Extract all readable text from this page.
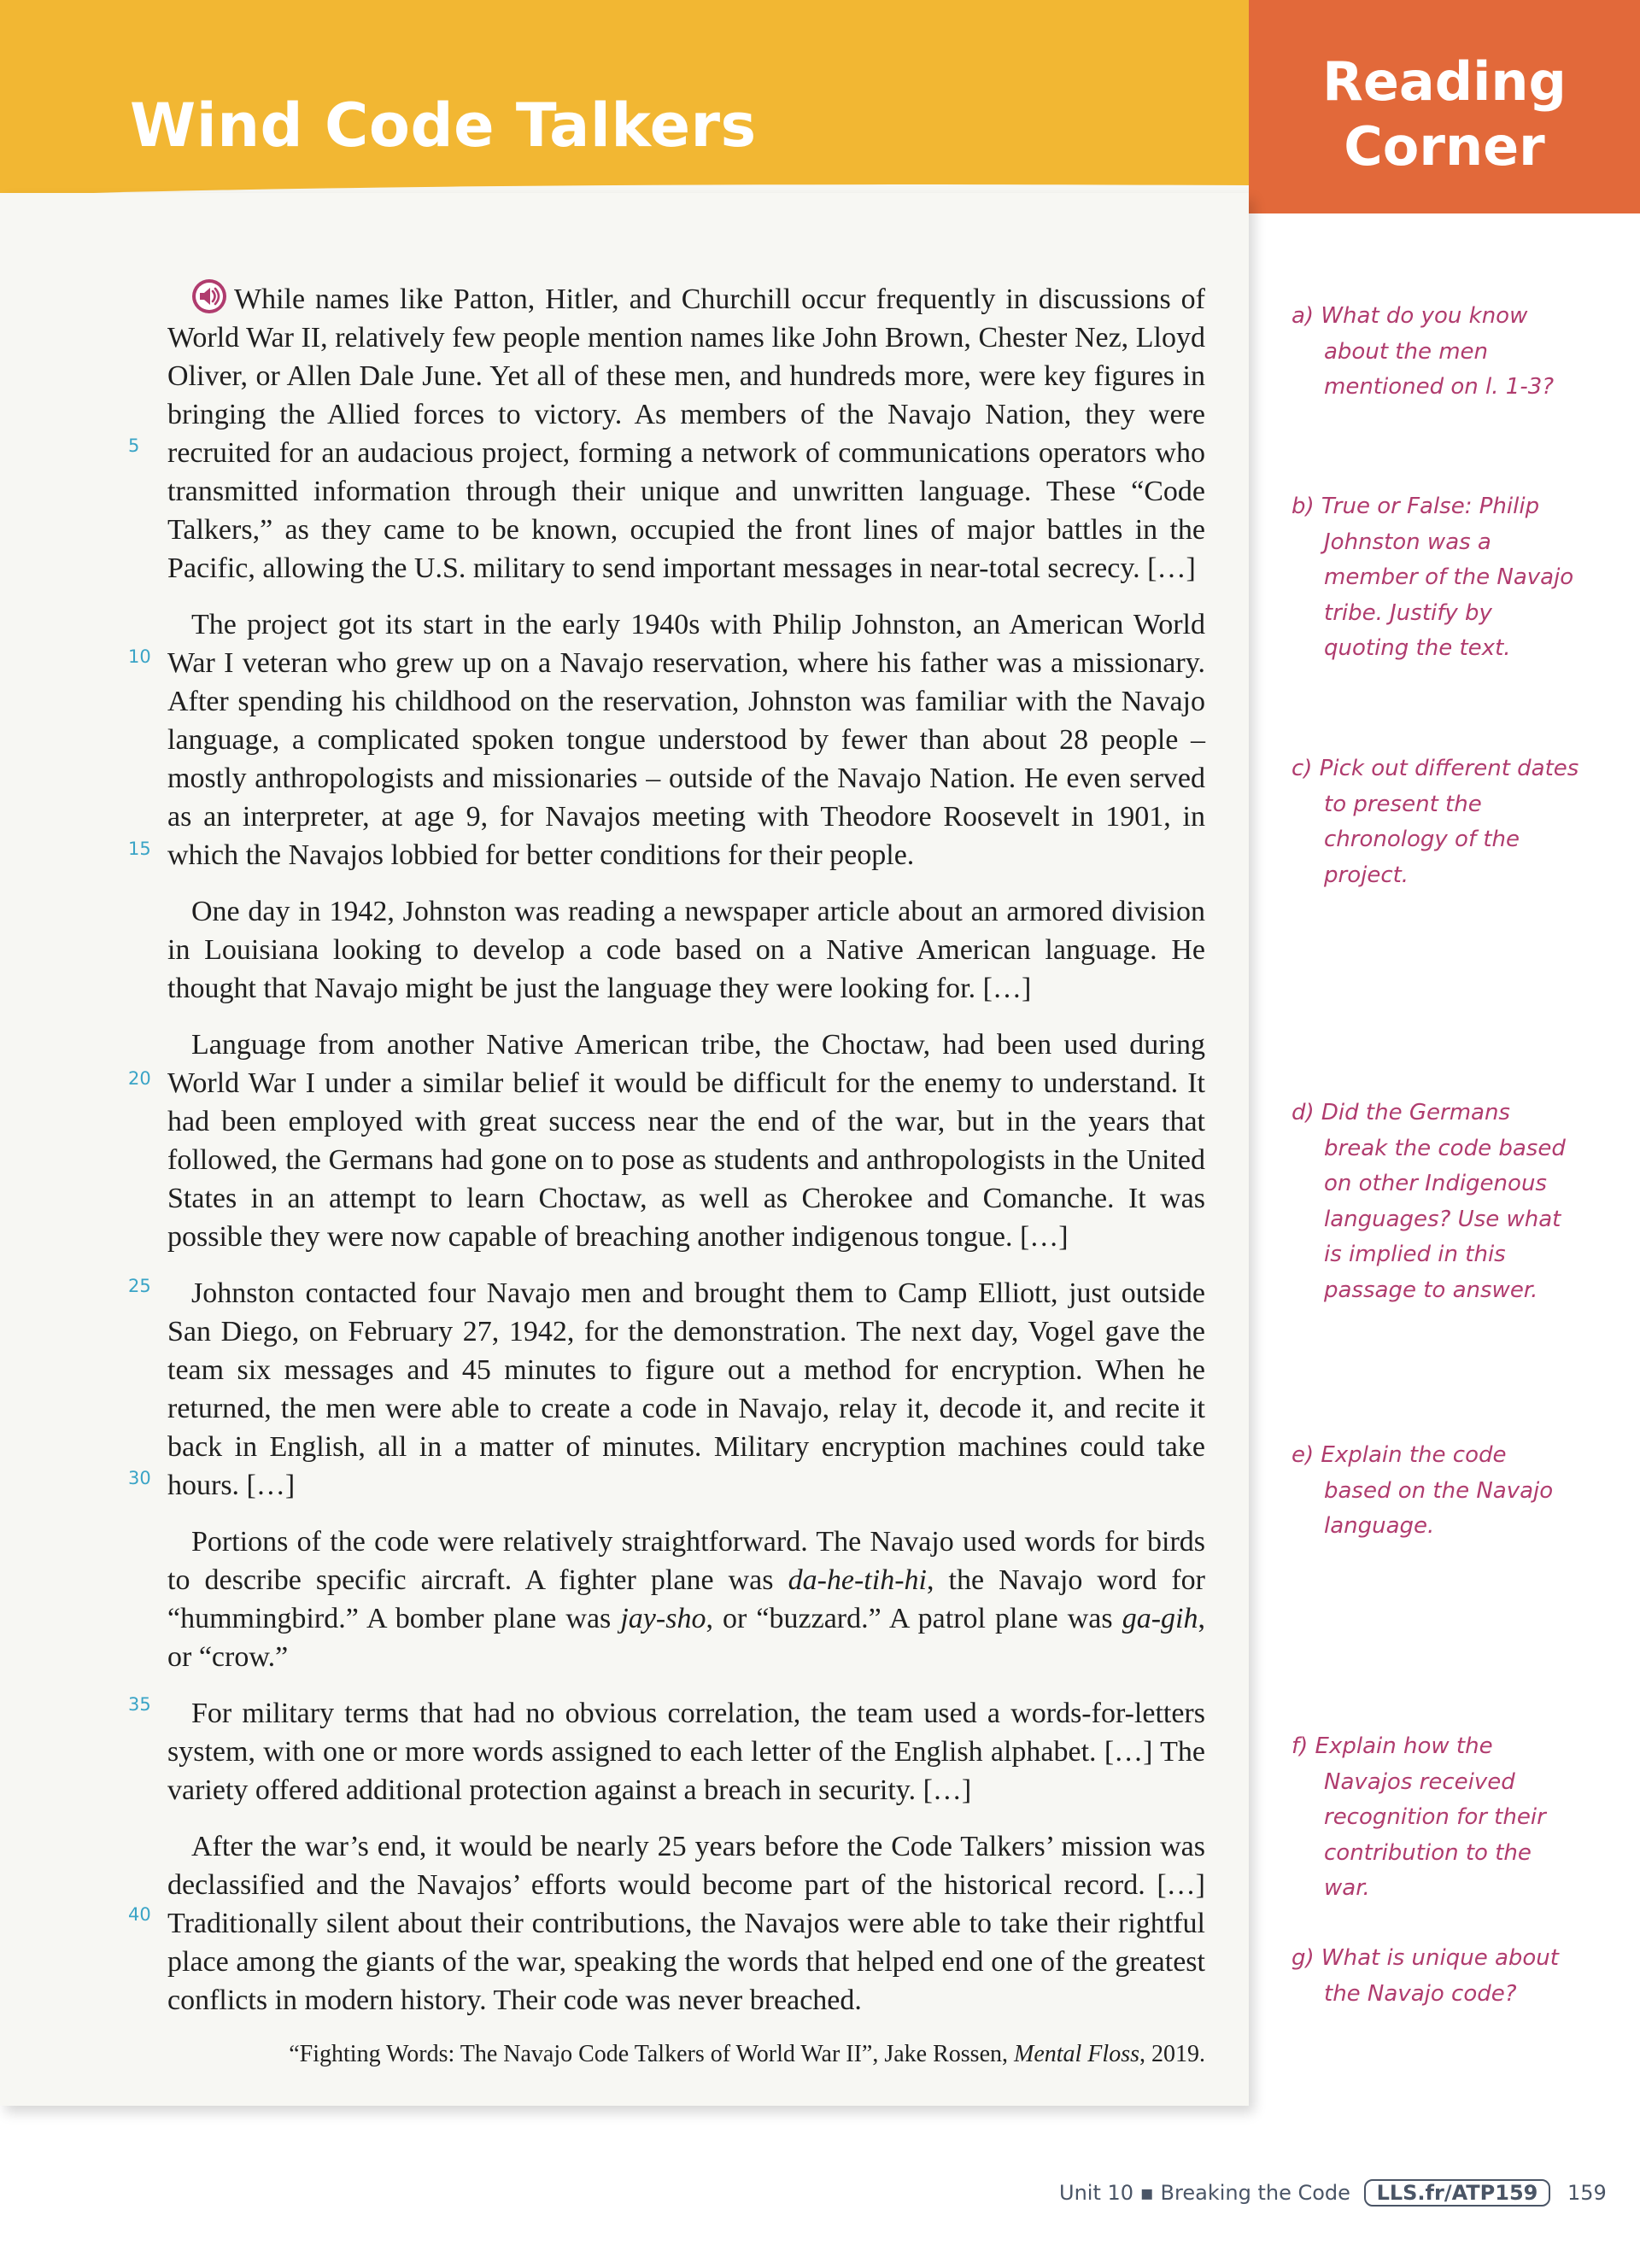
Wind Code Talkers
Reading
Corner

While names like Patton, Hitler, and Churchill occur frequently in discussions of World War II, relatively few people mention names like John Brown, Chester Nez, Lloyd Oliver, or Allen Dale June. Yet all of these men, and hundreds more, were key figures in bringing the Allied forces to victory. As members of the Navajo Nation, they were recruited for an audacious project, forming a network of communications operators who transmitted information through their unique and unwritten language. These “Code Talkers,” as they came to be known, occupied the front lines of major battles in the Pacific, allowing the U.S. military to send important messages in near-total secrecy. […]

The project got its start in the early 1940s with Philip Johnston, an American World War I veteran who grew up on a Navajo reservation, where his father was a missionary. After spending his childhood on the reservation, Johnston was familiar with the Navajo language, a complicated spoken tongue understood by fewer than about 28 people – mostly anthropologists and missionaries – outside of the Navajo Nation. He even served as an interpreter, at age 9, for Navajos meeting with Theodore Roosevelt in 1901, in which the Navajos lobbied for better conditions for their people.

One day in 1942, Johnston was reading a newspaper article about an armored division in Louisiana looking to develop a code based on a Native American language. He thought that Navajo might be just the language they were looking for. […]

Language from another Native American tribe, the Choctaw, had been used during World War I under a similar belief it would be difficult for the enemy to understand. It had been employed with great success near the end of the war, but in the years that followed, the Germans had gone on to pose as students and anthropologists in the United States in an attempt to learn Choctaw, as well as Cherokee and Comanche. It was possible they were now capable of breaching another indigenous tongue. […]

Johnston contacted four Navajo men and brought them to Camp Elliott, just outside San Diego, on February 27, 1942, for the demonstration. The next day, Vogel gave the team six messages and 45 minutes to figure out a method for encryption. When he returned, the men were able to create a code in Navajo, relay it, decode it, and recite it back in English, all in a matter of minutes. Military encryption machines could take hours. […]

Portions of the code were relatively straightforward. The Navajo used words for birds to describe specific aircraft. A fighter plane was da-he-tih-hi, the Navajo word for “hummingbird.” A bomber plane was jay-sho, or “buzzard.” A patrol plane was ga-gih, or “crow.”

For military terms that had no obvious correlation, the team used a words-for-letters system, with one or more words assigned to each letter of the English alphabet. […] The variety offered additional protection against a breach in security. […]

After the war’s end, it would be nearly 25 years before the Code Talkers’ mission was declassified and the Navajos’ efforts would become part of the historical record. […] Traditionally silent about their contributions, the Navajos were able to take their rightful place among the giants of the war, speaking the words that helped end one of the greatest conflicts in modern history. Their code was never breached.

“Fighting Words: The Navajo Code Talkers of World War II”, Jake Rossen, Mental Floss, 2019.
5
10
15
20
25
30
35
40
a) What do you know about the men mentioned on l. 1-3?
b) True or False: Philip Johnston was a member of the Navajo tribe. Justify by quoting the text.
c) Pick out different dates to present the chronology of the project.
d) Did the Germans break the code based on other Indigenous languages? Use what is implied in this passage to answer.
e) Explain the code based on the Navajo language.
f) Explain how the Navajos received recognition for their contribution to the war.
g) What is unique about the Navajo code?
Unit 10 ▪ Breaking the Code LLS.fr/ATP159 159
